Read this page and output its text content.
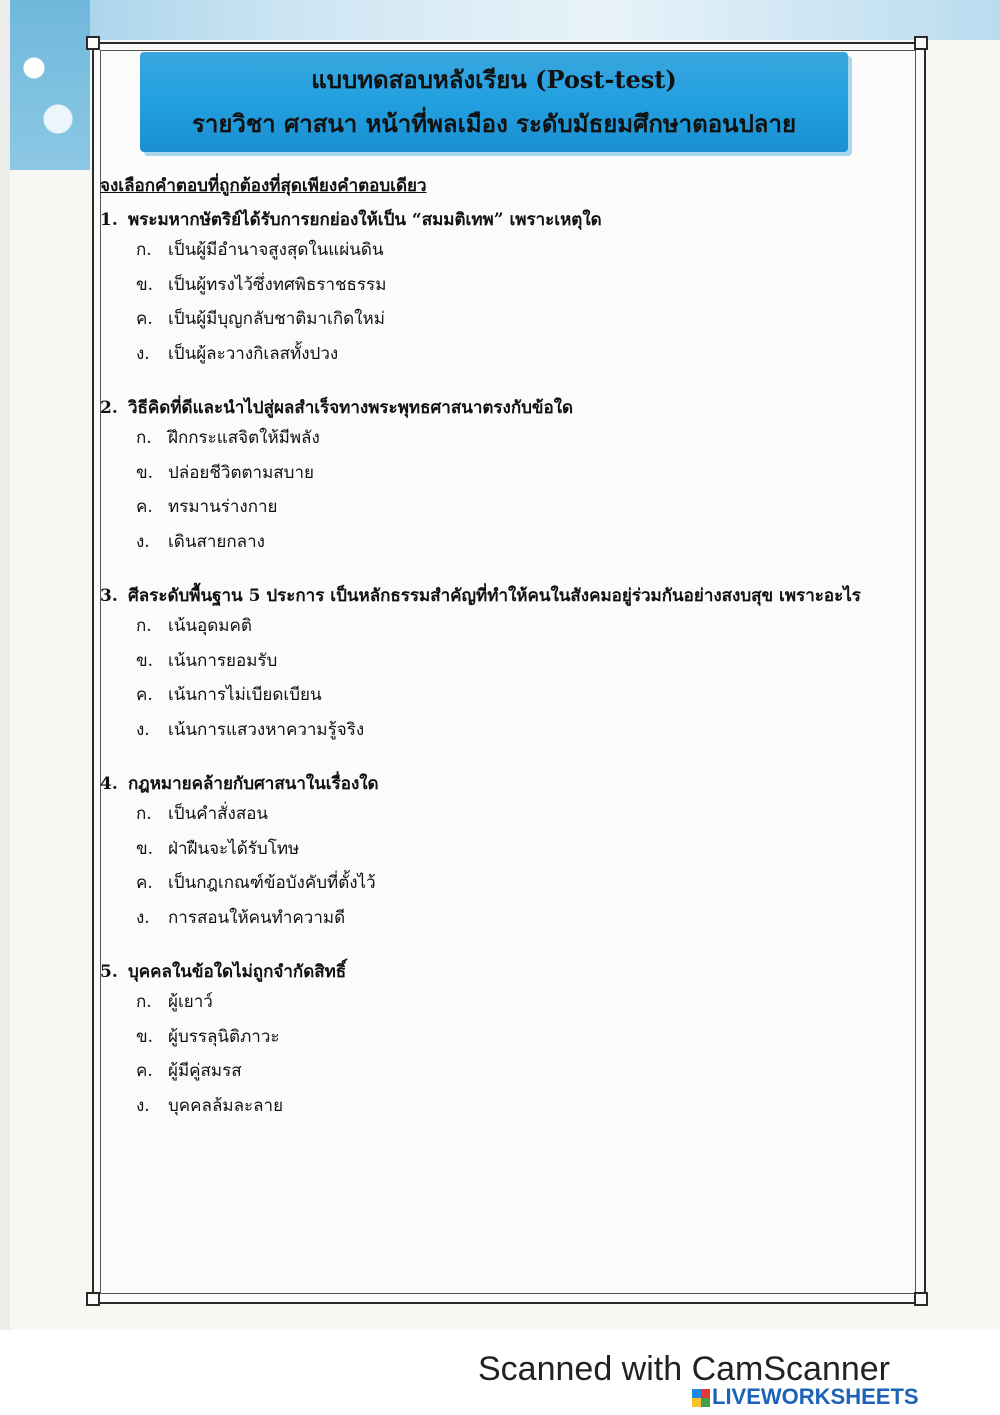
แบบทดสอบหลังเรียน (Post-test)
รายวิชา ศาสนา หน้าที่พลเมือง ระดับมัธยมศึกษาตอนปลาย
จงเลือกคำตอบที่ถูกต้องที่สุดเพียงคำตอบเดียว
1. พระมหากษัตริย์ได้รับการยกย่องให้เป็น “สมมติเทพ” เพราะเหตุใด
ก. เป็นผู้มีอำนาจสูงสุดในแผ่นดิน
ข. เป็นผู้ทรงไว้ซึ่งทศพิธราชธรรม
ค. เป็นผู้มีบุญกลับชาติมาเกิดใหม่
ง. เป็นผู้ละวางกิเลสทั้งปวง
2. วิธีคิดที่ดีและนำไปสู่ผลสำเร็จทางพระพุทธศาสนาตรงกับข้อใด
ก. ฝึกกระแสจิตให้มีพลัง
ข. ปล่อยชีวิตตามสบาย
ค. ทรมานร่างกาย
ง. เดินสายกลาง
3. ศีลระดับพื้นฐาน 5 ประการ เป็นหลักธรรมสำคัญที่ทำให้คนในสังคมอยู่ร่วมกันอย่างสงบสุข เพราะอะไร
ก. เน้นอุดมคติ
ข. เน้นการยอมรับ
ค. เน้นการไม่เบียดเบียน
ง. เน้นการแสวงหาความรู้จริง
4. กฎหมายคล้ายกับศาสนาในเรื่องใด
ก. เป็นคำสั่งสอน
ข. ฝ่าฝืนจะได้รับโทษ
ค. เป็นกฎเกณฑ์ข้อบังคับที่ตั้งไว้
ง. การสอนให้คนทำความดี
5. บุคคลในข้อใดไม่ถูกจำกัดสิทธิ์
ก. ผู้เยาว์
ข. ผู้บรรลุนิติภาวะ
ค. ผู้มีคู่สมรส
ง. บุคคลล้มละลาย
Scanned with CamScanner
LIVEWORKSHEETS
